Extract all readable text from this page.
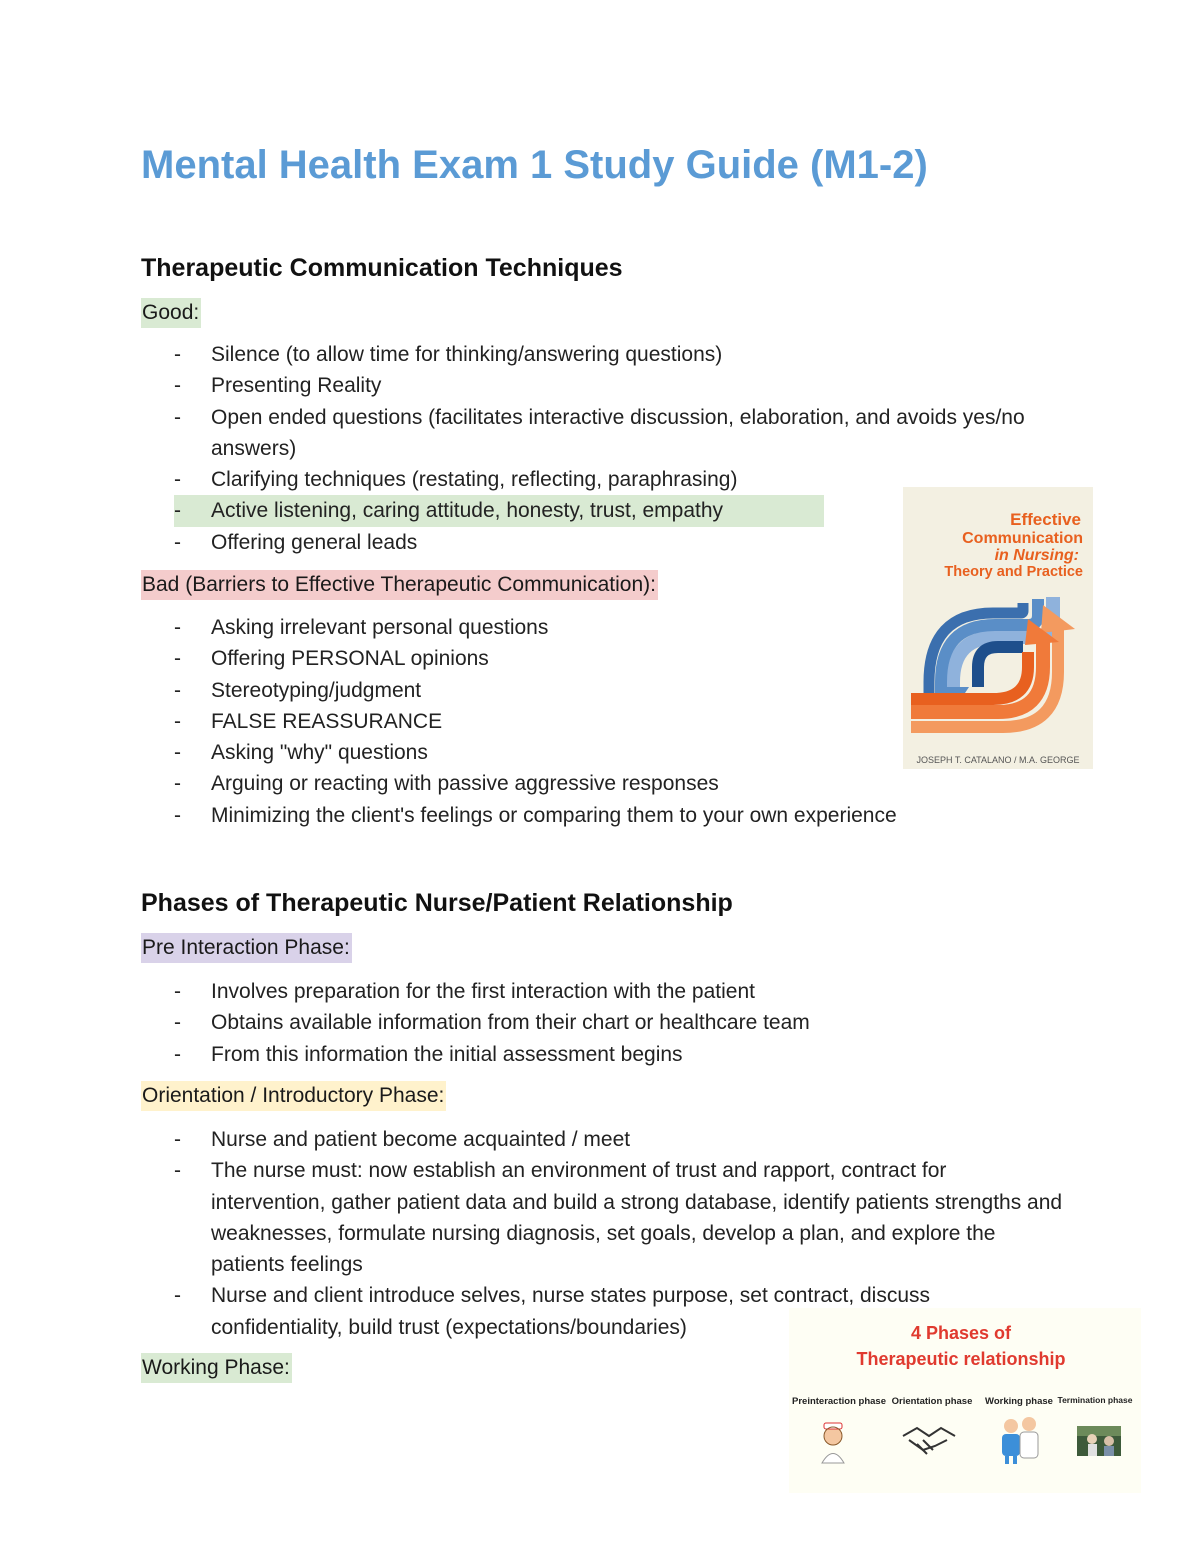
Mental Health Exam 1 Study Guide (M1-2)
Therapeutic Communication Techniques
Good:
-	Silence (to allow time for thinking/answering questions)
-	Presenting Reality
-	Open ended questions (facilitates interactive discussion, elaboration, and avoids yes/no answers)
-	Clarifying techniques (restating, reflecting, paraphrasing)
-	Active listening, caring attitude, honesty, trust, empathy
-	Offering general leads
Bad (Barriers to Effective Therapeutic Communication):
-	Asking irrelevant personal questions
-	Offering PERSONAL opinions
-	Stereotyping/judgment
-	FALSE REASSURANCE
-	Asking "why" questions
-	Arguing or reacting with passive aggressive responses
-	Minimizing the client's feelings or comparing them to your own experience
Phases of Therapeutic Nurse/Patient Relationship
Pre Interaction Phase:
-	Involves preparation for the first interaction with the patient
-	Obtains available information from their chart or healthcare team
-	From this information the initial assessment begins
Orientation / Introductory Phase:
-	Nurse and patient become acquainted / meet
-	The nurse must: now establish an environment of trust and rapport, contract for intervention, gather patient data and build a strong database, identify patients strengths and weaknesses, formulate nursing diagnosis, set goals, develop a plan, and explore the patients feelings
-	Nurse and client introduce selves, nurse states purpose, set contract, discuss confidentiality, build trust (expectations/boundaries)
Working Phase:
Effective
Communication
in Nursing:
Theory and Practice
JOSEPH T. CATALANO / M.A. GEORGE
4 Phases of
Therapeutic relationship
Preinteraction phase Orientation phase Working phase Termination phase
